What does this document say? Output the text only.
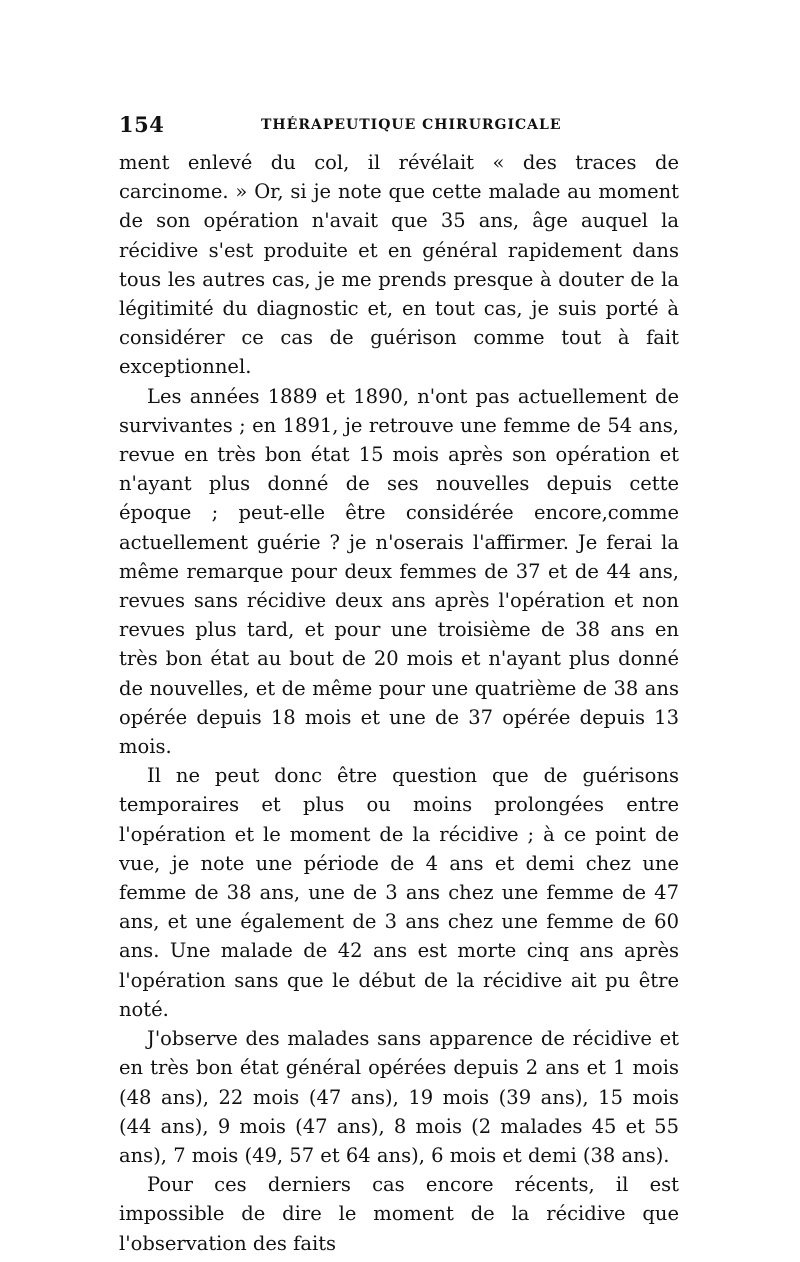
154	THÉRAPEUTIQUE CHIRURGICALE

ment enlevé du col, il révélait « des traces de carcinome. » Or, si je note que cette malade au moment de son opération n'avait que 35 ans, âge auquel la récidive s'est produite et en général rapidement dans tous les autres cas, je me prends presque à douter de la légitimité du diagnostic et, en tout cas, je suis porté à considérer ce cas de guérison comme tout à fait exceptionnel.

Les années 1889 et 1890, n'ont pas actuellement de survivantes ; en 1891, je retrouve une femme de 54 ans, revue en très bon état 15 mois après son opération et n'ayant plus donné de ses nouvelles depuis cette époque ; peut-elle être considérée encore,comme actuellement guérie ? je n'oserais l'affirmer. Je ferai la même remarque pour deux femmes de 37 et de 44 ans, revues sans récidive deux ans après l'opération et non revues plus tard, et pour une troisième de 38 ans en très bon état au bout de 20 mois et n'ayant plus donné de nouvelles, et de même pour une quatrième de 38 ans opérée depuis 18 mois et une de 37 opérée depuis 13 mois.

Il ne peut donc être question que de guérisons temporaires et plus ou moins prolongées entre l'opération et le moment de la récidive ; à ce point de vue, je note une période de 4 ans et demi chez une femme de 38 ans, une de 3 ans chez une femme de 47 ans, et une également de 3 ans chez une femme de 60 ans. Une malade de 42 ans est morte cinq ans après l'opération sans que le début de la récidive ait pu être noté.

J'observe des malades sans apparence de récidive et en très bon état général opérées depuis 2 ans et 1 mois (48 ans), 22 mois (47 ans), 19 mois (39 ans), 15 mois (44 ans), 9 mois (47 ans), 8 mois (2 malades 45 et 55 ans), 7 mois (49, 57 et 64 ans), 6 mois et demi (38 ans).

Pour ces derniers cas encore récents, il est impossible de dire le moment de la récidive que l'observation des faits
